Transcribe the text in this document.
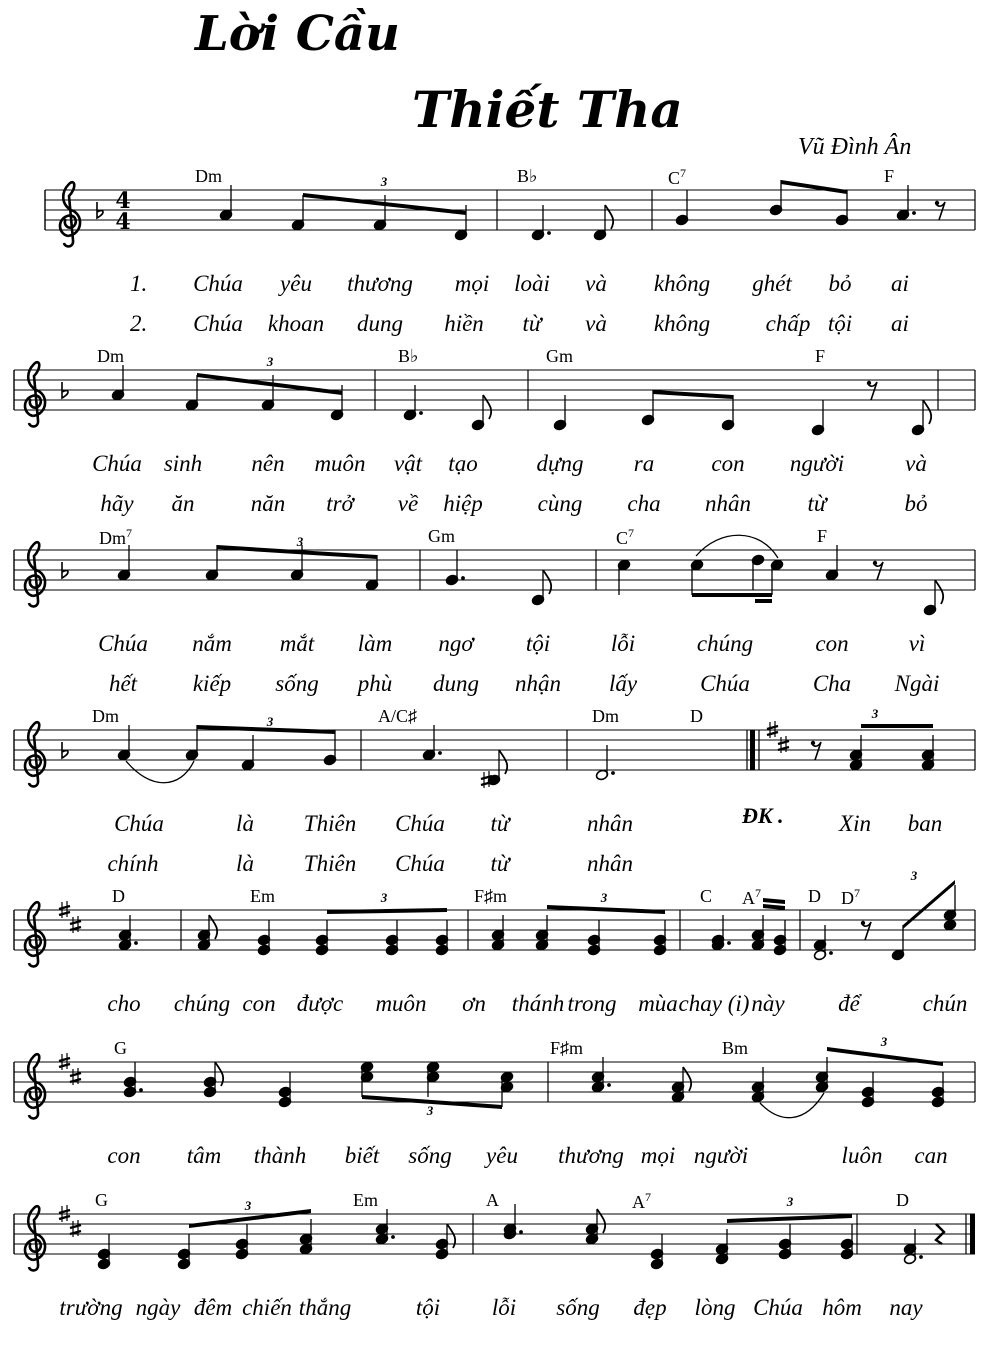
Lời Cầu
Thiết Tha
Vũ Đình Ân
4
4
3
3
3
3
3
3	3
3
3
3
3	3
Dm	B♭	$C^7$	F
1. Chúa yêu thương mọi loài và không ghét bỏ ai
2. Chúa khoan dung hiền từ và không chấp tội ai
Dm	B♭	Gm	F
Chúa sinh nên muôn vật tạo	dựng ra con người	và
hãy ăn năn trở về hiệp cùng cha nhân từ	bỏ
Dm$^7$	Gm	$C^7$	F
Chúa nắm mắt làm ngơ tội	lỗi	chúng	con	vì
hết kiếp sống phù dung nhận lấy	Chúa	Cha Ngài
Dm	A/C♯	Dm	D
Chúa	là Thiên Chúa từ	nhân	Xin ban
chính	là Thiên Chúa từ	nhân
D	Em	F♯m	C $A^7$	D $D^7$
cho chúng con được muôn ơn thánh trong mùa chay (i) này để	chún
G	F♯m	Bm
con tâm thành biết sống yêu thương mọi người	luôn can
G	Em	A	$A^7$	D
trường ngày đêm chiến thắng	tội lỗi sống đẹp lòng Chúa hôm nay
ĐK .
